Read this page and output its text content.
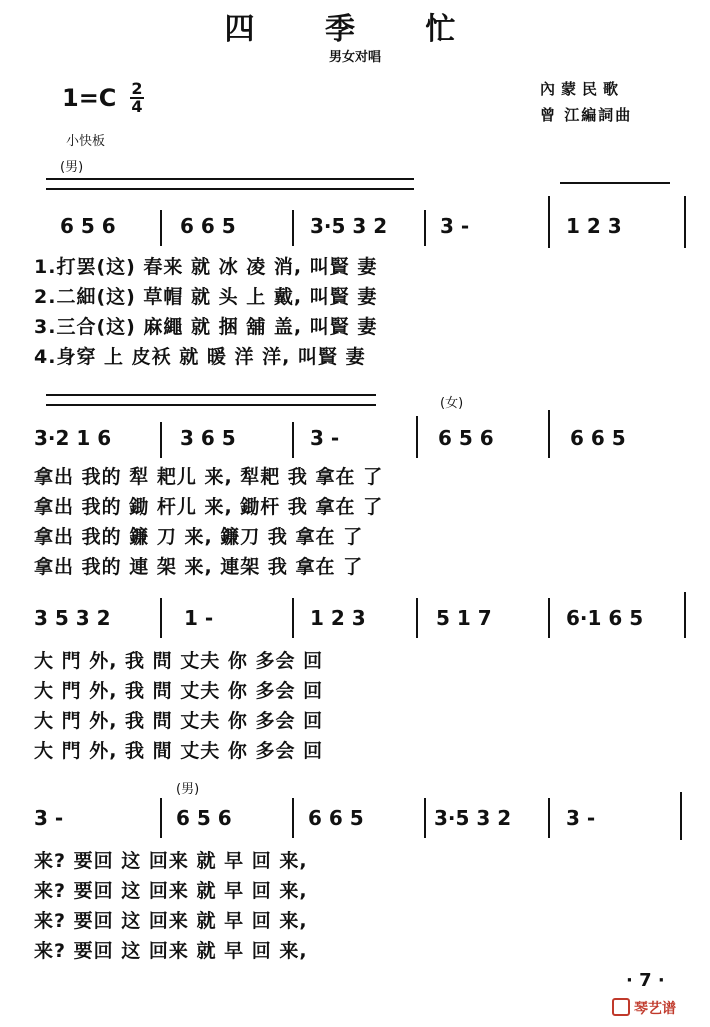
四 季 忙
男女对唱
1=C 2
4
內蒙民歌
曾 江編詞曲
小快板
(男)
(女)
(男)
6 5 6	6 6 5	3·5 3 2	3 -	1 2 3
1.打罢(这) 春来 就 冰 凌 消, 叫賢 妻
2.二細(这) 草帽 就 头 上 戴, 叫賢 妻
3.三合(这) 麻繩 就 捆 舖 盖, 叫賢 妻
4.身穿 上 皮袄 就 暖 洋 洋, 叫賢 妻
3·2 1 6	3 6 5	3 -	6 5 6	6 6 5
拿出 我的 犁 耙儿 来, 犁耙 我 拿在 了
拿出 我的 鋤 杆儿 来, 鋤杆 我 拿在 了
拿出 我的 鐮 刀 来, 鐮刀 我 拿在 了
拿出 我的 連 架 来, 連架 我 拿在 了
3 5 3 2	1 -	1 2 3	5 1 7	6·1 6 5
大 門 外, 我 問 丈夫 你 多会 回
大 門 外, 我 問 丈夫 你 多会 回
大 門 外, 我 問 丈夫 你 多会 回
大 門 外, 我 間 丈夫 你 多会 回
3 -	6 5 6	6 6 5	3·5 3 2	3 -
来? 要回 这 回来 就 早 回 来,
来? 要回 这 回来 就 早 回 来,
来? 要回 这 回来 就 早 回 来,
来? 要回 这 回来 就 早 回 来,
· 7 ·
琴艺谱
